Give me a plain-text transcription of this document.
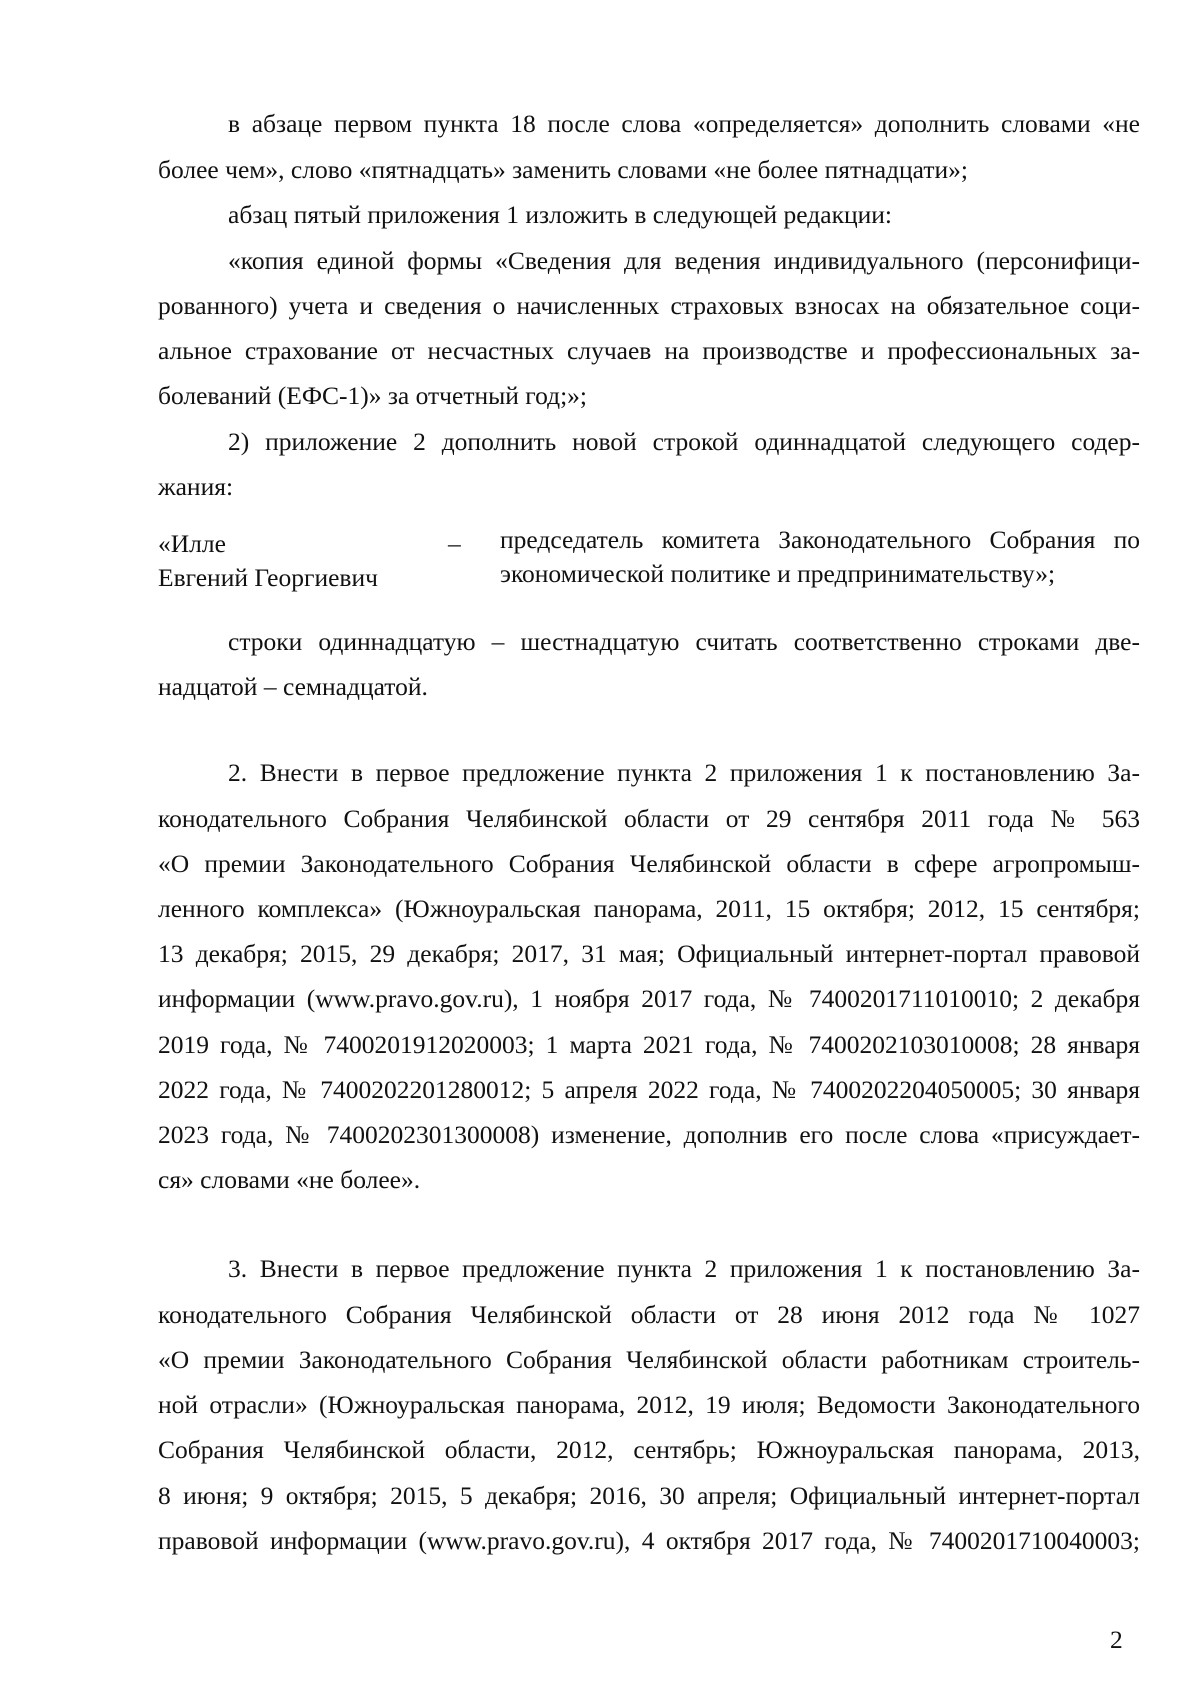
в абзаце первом пункта 18 после слова «определяется» дополнить словами «не
более чем», слово «пятнадцать» заменить словами «не более пятнадцати»;
абзац пятый приложения 1 изложить в следующей редакции:
«копия единой формы «Сведения для ведения индивидуального (персонифици-
рованного) учета и сведения о начисленных страховых взносах на обязательное соци-
альное страхование от несчастных случаев на производстве и профессиональных за-
болеваний (ЕФС-1)» за отчетный год;»;
2) приложение 2 дополнить новой строкой одиннадцатой следующего содер-
жания:
«Илле
Евгений Георгиевич
– председатель комитета Законодательного Собрания по
экономической политике и предпринимательству»;
строки одиннадцатую – шестнадцатую считать соответственно строками две-
надцатой – семнадцатой.
2. Внести в первое предложение пункта 2 приложения 1 к постановлению За-
конодательного Собрания Челябинской области от 29 сентября 2011 года № 563
«О премии Законодательного Собрания Челябинской области в сфере агропромыш-
ленного комплекса» (Южноуральская панорама, 2011, 15 октября; 2012, 15 сентября;
13 декабря; 2015, 29 декабря; 2017, 31 мая; Официальный интернет-портал правовой
информации (www.pravo.gov.ru), 1 ноября 2017 года, № 7400201711010010; 2 декабря
2019 года, № 7400201912020003; 1 марта 2021 года, № 7400202103010008; 28 января
2022 года, № 7400202201280012; 5 апреля 2022 года, № 7400202204050005; 30 января
2023 года, № 7400202301300008) изменение, дополнив его после слова «присуждает-
ся» словами «не более».
3. Внести в первое предложение пункта 2 приложения 1 к постановлению За-
конодательного Собрания Челябинской области от 28 июня 2012 года № 1027
«О премии Законодательного Собрания Челябинской области работникам строитель-
ной отрасли» (Южноуральская панорама, 2012, 19 июля; Ведомости Законодательного
Собрания Челябинской области, 2012, сентябрь; Южноуральская панорама, 2013,
8 июня; 9 октября; 2015, 5 декабря; 2016, 30 апреля; Официальный интернет-портал
правовой информации (www.pravo.gov.ru), 4 октября 2017 года, № 7400201710040003;
2
